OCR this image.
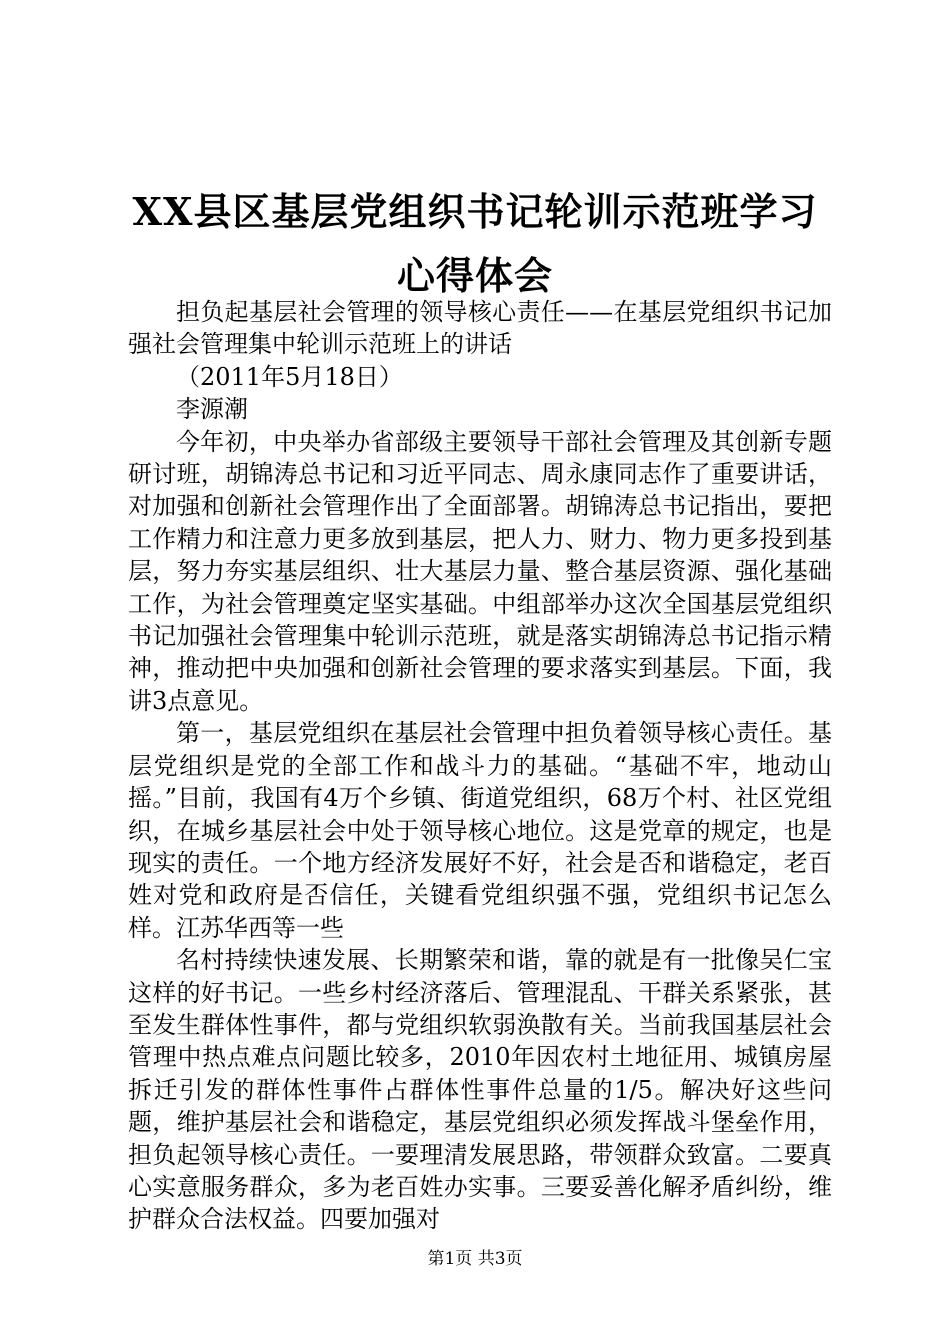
XX县区基层党组织书记轮训示范班学习心得体会

担负起基层社会管理的领导核心责任——在基层党组织书记加强社会管理集中轮训示范班上的讲话

（2011年5月18日）

李源潮

今年初，中央举办省部级主要领导干部社会管理及其创新专题研讨班，胡锦涛总书记和习近平同志、周永康同志作了重要讲话，对加强和创新社会管理作出了全面部署。胡锦涛总书记指出，要把工作精力和注意力更多放到基层，把人力、财力、物力更多投到基层，努力夯实基层组织、壮大基层力量、整合基层资源、强化基础工作，为社会管理奠定坚实基础。中组部举办这次全国基层党组织书记加强社会管理集中轮训示范班，就是落实胡锦涛总书记指示精神，推动把中央加强和创新社会管理的要求落实到基层。下面，我讲3点意见。

第一，基层党组织在基层社会管理中担负着领导核心责任。基层党组织是党的全部工作和战斗力的基础。“基础不牢，地动山摇。”目前，我国有4万个乡镇、街道党组织，68万个村、社区党组织，在城乡基层社会中处于领导核心地位。这是党章的规定，也是现实的责任。一个地方经济发展好不好，社会是否和谐稳定，老百姓对党和政府是否信任，关键看党组织强不强，党组织书记怎么样。江苏华西等一些

名村持续快速发展、长期繁荣和谐，靠的就是有一批像吴仁宝这样的好书记。一些乡村经济落后、管理混乱、干群关系紧张，甚至发生群体性事件，都与党组织软弱涣散有关。当前我国基层社会管理中热点难点问题比较多，2010年因农村土地征用、城镇房屋拆迁引发的群体性事件占群体性事件总量的1/5。解决好这些问题，维护基层社会和谐稳定，基层党组织必须发挥战斗堡垒作用，担负起领导核心责任。一要理清发展思路，带领群众致富。二要真心实意服务群众，多为老百姓办实事。三要妥善化解矛盾纠纷，维护群众合法权益。四要加强对

第1页 共3页
